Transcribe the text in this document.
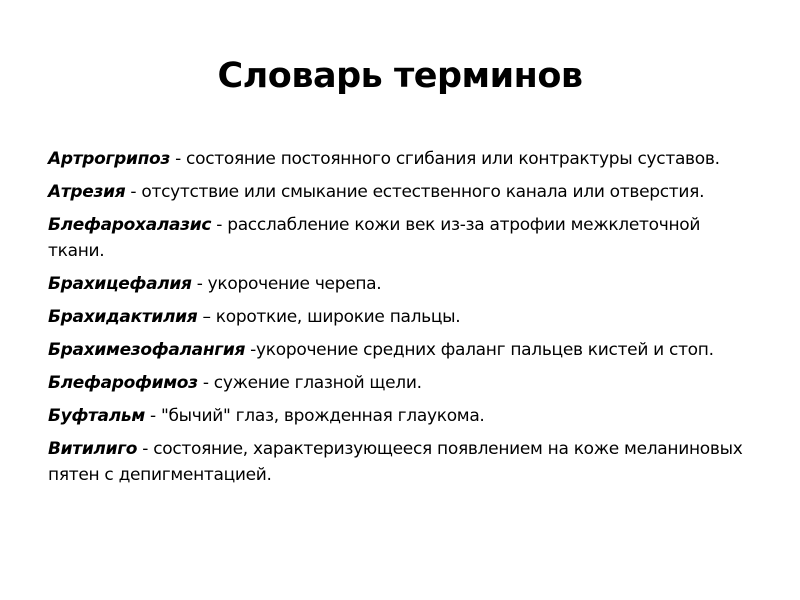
Словарь терминов
Артрогрипоз - состояние постоянного сгибания или контрактуры суставов.
Атрезия - отсутствие или смыкание естественного канала или отверстия.
Блефарохалазис - расслабление кожи век из-за атрофии межклеточной ткани.
Брахицефалия - укорочение черепа.
Брахидактилия – короткие, широкие пальцы.
Брахимезофалангия -укорочение средних фаланг пальцев кистей и стоп.
Блефарофимоз - сужение глазной щели.
Буфтальм - "бычий" глаз, врожденная глаукома.
Витилиго - состояние, характеризующееся появлением на коже меланиновых пятен с депигментацией.
